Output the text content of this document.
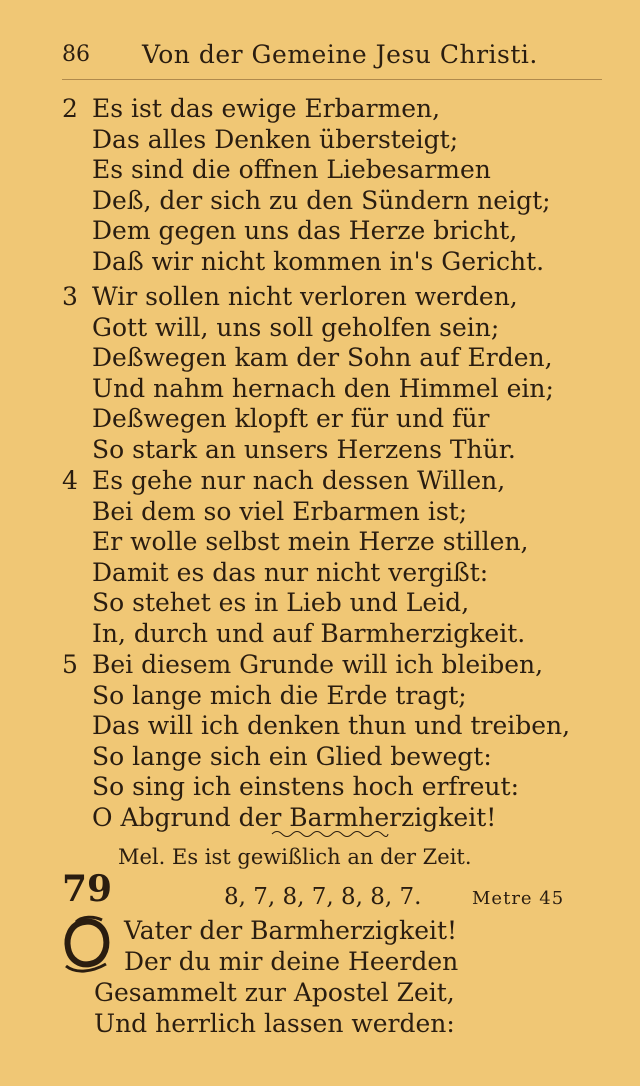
86 Von der Gemeine Jesu Christi.
2 Es ist das ewige Erbarmen,
Das alles Denken übersteigt;
Es sind die offnen Liebesarmen
Deß, der sich zu den Sündern neigt;
Dem gegen uns das Herze bricht,
Daß wir nicht kommen in's Gericht.
3 Wir sollen nicht verloren werden,
Gott will, uns soll geholfen sein;
Deßwegen kam der Sohn auf Erden,
Und nahm hernach den Himmel ein;
Deßwegen klopft er für und für
So stark an unsers Herzens Thür.
4 Es gehe nur nach dessen Willen,
Bei dem so viel Erbarmen ist;
Er wolle selbst mein Herze stillen,
Damit es das nur nicht vergißt:
So stehet es in Lieb und Leid,
In, durch und auf Barmherzigkeit.
5 Bei diesem Grunde will ich bleiben,
So lange mich die Erde tragt;
Das will ich denken thun und treiben,
So lange sich ein Glied bewegt:
So sing ich einstens hoch erfreut:
O Abgrund der Barmherzigkeit!
Mel. Es ist gewißlich an der Zeit.
79	8, 7, 8, 7, 8, 8, 7.	Metre 45
Vater der Barmherzigkeit!
Der du mir deine Heerden
Gesammelt zur Apostel Zeit,
Und herrlich lassen werden:
